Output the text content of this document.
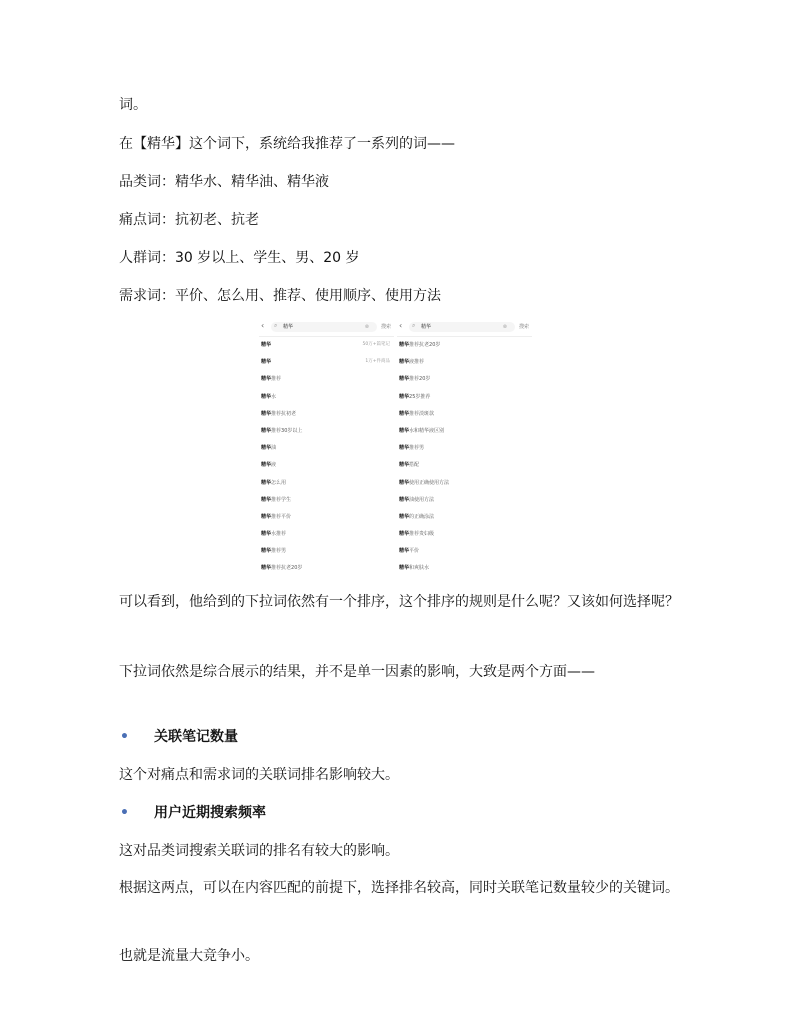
词。

在【精华】这个词下，系统给我推荐了一系列的词——

品类词：精华水、精华油、精华液

痛点词：抗初老、抗老

人群词：30 岁以上、学生、男、20 岁

需求词：平价、怎么用、推荐、使用顺序、使用方法

‹ ⌕ 精华	⊗ 搜索
精华	50万+篇笔记
精华	1万+件商品
精华推荐
精华水
精华推荐抗初老
精华推荐30岁以上
精华油
精华液
精华怎么用
精华推荐学生
精华推荐平价
精华水推荐
精华推荐男
精华推荐抗老20岁
‹ ⌕ 精华	⊗ 搜索
精华推荐抗老20岁
精华液推荐
精华推荐20岁
精华25岁推荐
精华推荐淡斑款
精华水和精华液区别
精华推荐男
精华搭配
精华使用正确使用方法
精华油使用方法
精华的正确涂法
精华推荐贵妇级
精华平价
精华和爽肤水

可以看到，他给到的下拉词依然有一个排序，这个排序的规则是什么呢？又该如何选择呢？

下拉词依然是综合展示的结果，并不是单一因素的影响，大致是两个方面——

• 关联笔记数量

这个对痛点和需求词的关联词排名影响较大。

• 用户近期搜索频率

这对品类词搜索关联词的排名有较大的影响。

根据这两点，可以在内容匹配的前提下，选择排名较高，同时关联笔记数量较少的关键词。

也就是流量大竞争小。
